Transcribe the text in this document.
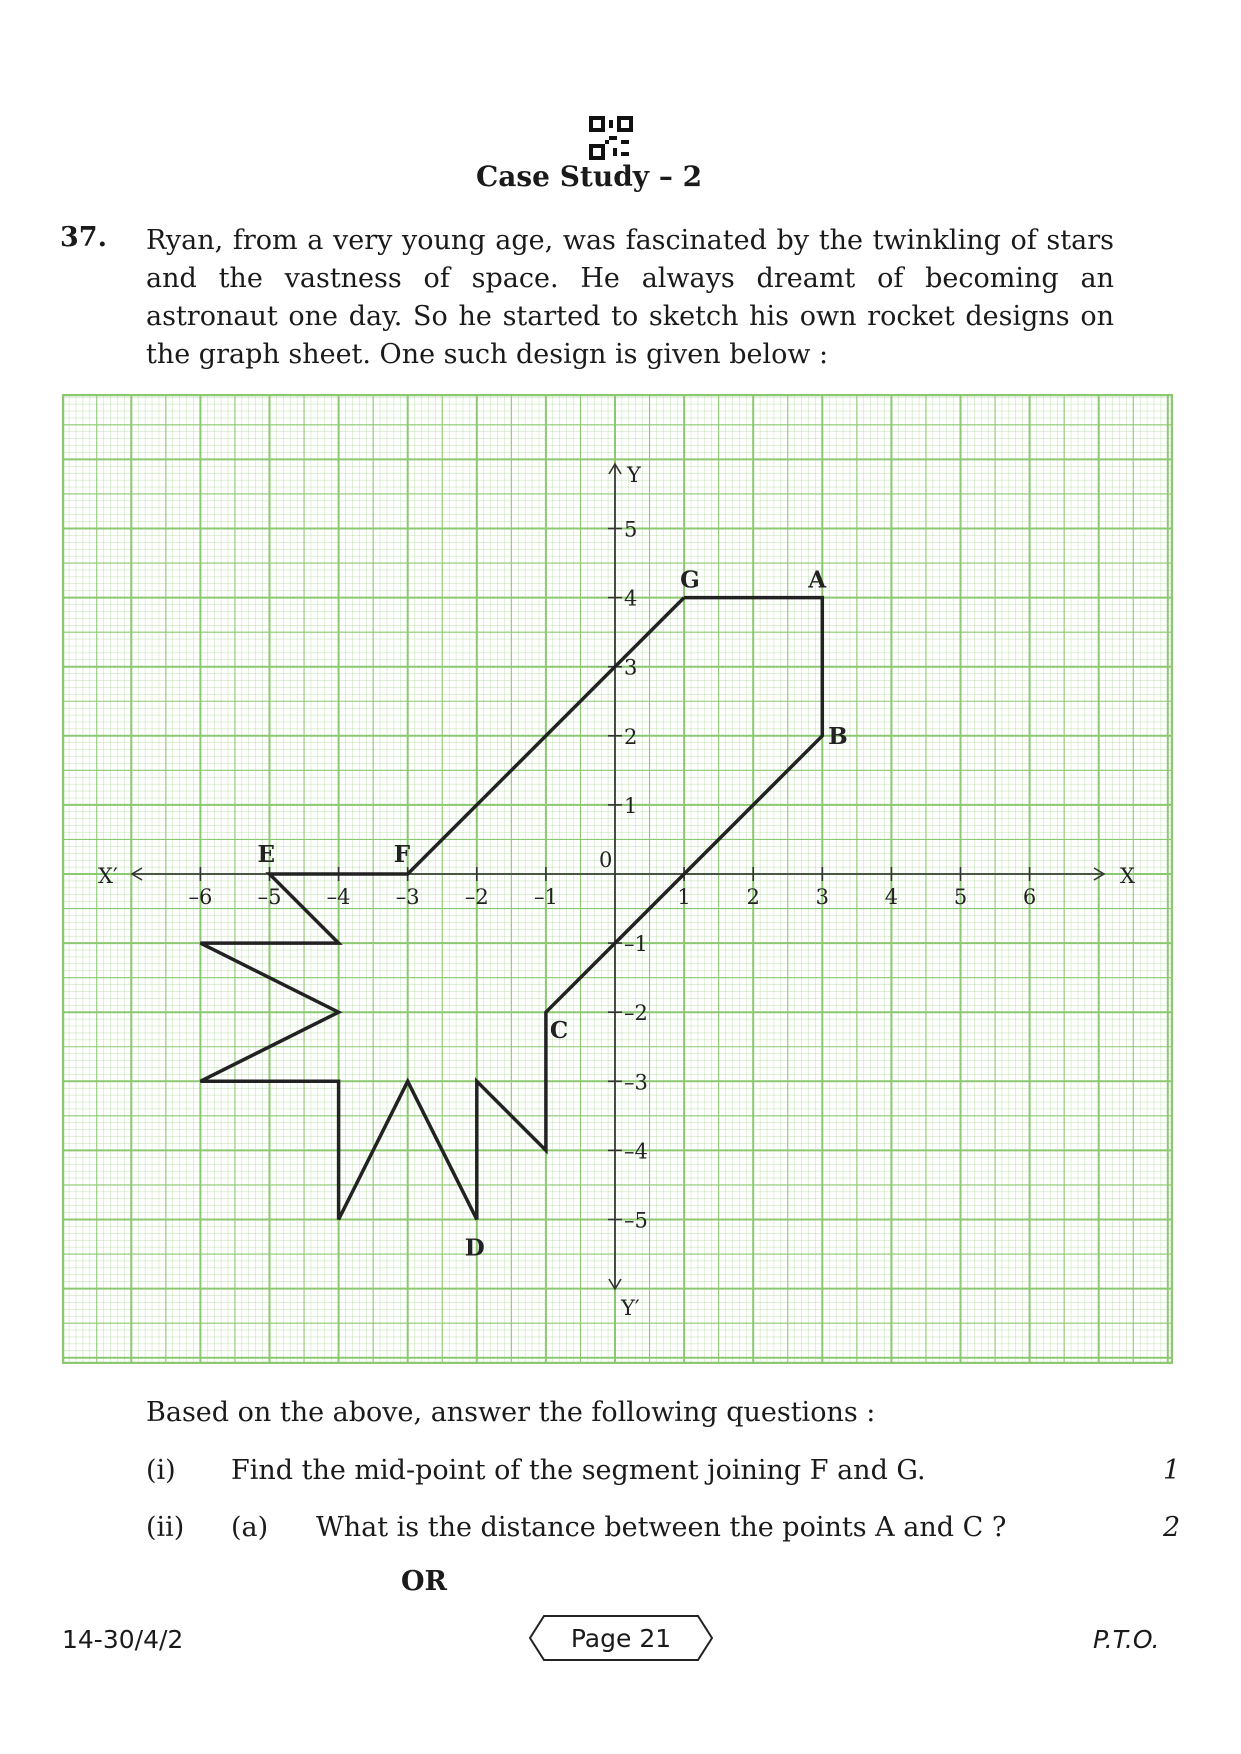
Case Study – 2
37. Ryan, from a very young age, was fascinated by the twinkling of stars and the vastness of space. He always dreamt of becoming an astronaut one day. So he started to sketch his own rocket designs on the graph sheet. One such design is given below :
–6 –5 –4 –3 –2 –1	1	2	3	4	5	6
5
4
3
2
1
–1
–2
–3
–4
–5
G	A
B
C
D
E	F
X
X′
Y
Y′
0
Based on the above, answer the following questions :
(i) Find the mid-point of the segment joining F and G.	1
(ii) (a) What is the distance between the points A and C ?	2
OR
14-30/4/2	Page 21	P.T.O.
